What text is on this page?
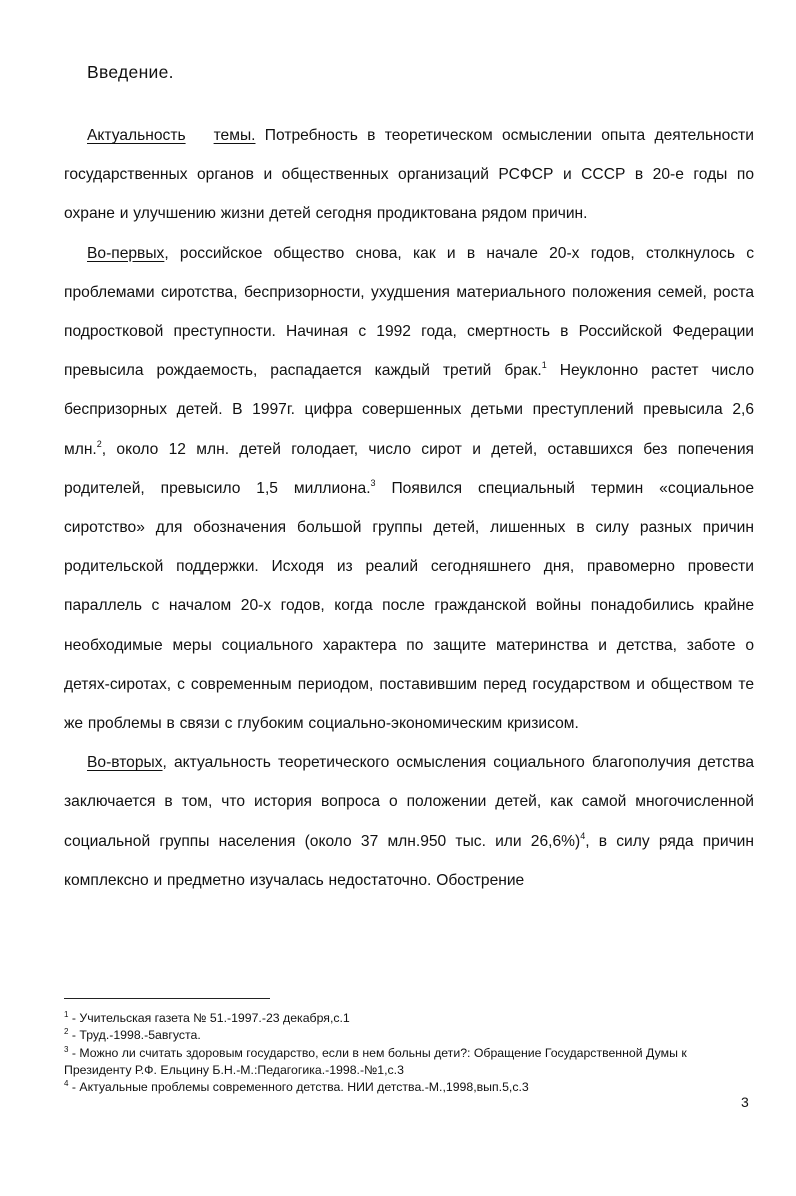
Введение.

Актуальность темы. Потребность в теоретическом осмыслении опыта деятельности государственных органов и общественных организаций РСФСР и СССР в 20-е годы по охране и улучшению жизни детей сегодня продиктована рядом причин.

Во-первых, российское общество снова, как и в начале 20-х годов, столкнулось с проблемами сиротства, беспризорности, ухудшения материального положения семей, роста подростковой преступности. Начиная с 1992 года, смертность в Российской Федерации превысила рождаемость, распадается каждый третий брак.$^1$ Неуклонно растет число беспризорных детей. В 1997г. цифра совершенных детьми преступлений превысила 2,6 млн.$^2$, около 12 млн. детей голодает, число сирот и детей, оставшихся без попечения родителей, превысило 1,5 миллиона.$^3$ Появился специальный термин «социальное сиротство» для обозначения большой группы детей, лишенных в силу разных причин родительской поддержки. Исходя из реалий сегодняшнего дня, правомерно провести параллель с началом 20-х годов, когда после гражданской войны понадобились крайне необходимые меры социального характера по защите материнства и детства, заботе о детях-сиротах, с современным периодом, поставившим перед государством и обществом те же проблемы в связи с глубоким социально-экономическим кризисом.

Во-вторых, актуальность теоретического осмысления социального благополучия детства заключается в том, что история вопроса о положении детей, как самой многочисленной социальной группы населения (около 37 млн.950 тыс. или 26,6%)$^4$, в силу ряда причин комплексно и предметно изучалась недостаточно. Обострение

$^1$ - Учительская газета № 51.-1997.-23 декабря,с.1

$^2$ - Труд.-1998.-5августа.

$^3$ - Можно ли считать здоровым государство, если в нем больны дети?: Обращение Государственной Думы к Президенту Р.Ф. Ельцину Б.Н.-М.:Педагогика.-1998.-№1,с.3

$^4$ - Актуальные проблемы современного детства. НИИ детства.-М.,1998,вып.5,с.3

3
